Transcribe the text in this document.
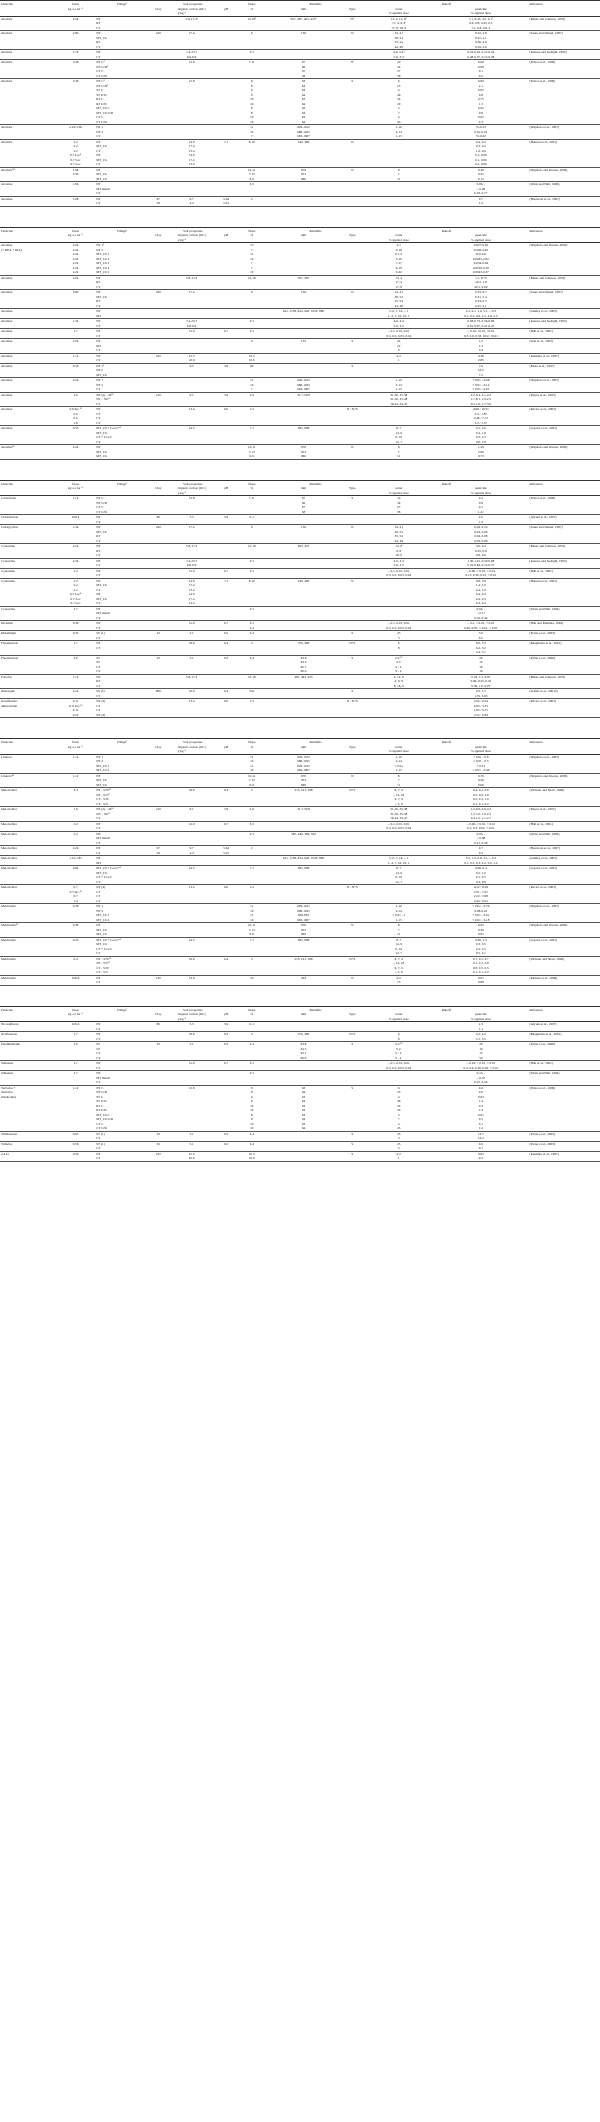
Pesticide	Dose	Tillage¹	Soil properties			Slope	Rainfalls		Runoff		Reference
	kg a.i. ha⁻¹		Clay	Organic carbon (OC)	pH	%	mm	Type	water	pesticide	
			g kg⁻¹						% applied dose	% applied dose	
Alachlor	2.24	NT		5.8-17.4³		12-18³	657, 487, 463, 425³	N⁴	13, 4, 12, 8³	7.1, 0.45, 4.5, 0.1³	(Baker and Johnson, 1979)
		RT							17, 4, 9, 8	8.0, 0.8, 0.45, 0.1	
		CT							17, 8, 18, 9	7.1, 0.8, 0.8, 4	
Alachlor	2.80	NT	220	17.4		6	136	N	34, 41	0.32, 4.8	(Sauer and Daniel, 1987)
		MT_Ch							28, 54	0.25, 2.1	
		RT							35, 54	0.36, 4.8	
		CT							44, 48	0.29, 3.0	
Alachlor	1.79	NT		7.4-23.7		3-5			4-6, 3-4³	0.22-0.24, 0.15-0.24	(Isensee and Sadeghi, 1993)
		CT		6.6-6.9					5-6, 3-5	0.48-0.57, 0.15-0.28	
Alachlor	3.36	NT C⁵		12.8		7-11	67	S⁶	19	0.06	(Felsot et al., 1990)
		NT U/D⁵					66		34	0.08	
		CT C					67		27	0.1	
		CT U/D					58		58	0.2	
Alachlor	3.36	NT C⁵		12.8		8	63	S	6	0.09	(Felsot et al., 1990)
		NT U/D⁵				8	64		23	2.1	
		ST C				9	63		4	0.05	
		ST U/D				9	64		46	0.8	
		RT C				10	63		24	0.75	
		RT U/D				10	64		29	1.3	
		MT_Ch C				8	63		3	0.02	
		MT_Ch U/D				8	64		7	0.8	
		CT C				10	63		4	0.05	
		CT U/D				10	64		43	2.3	
Alachlor	2.24-3.36	NT 1				11	629-1012		1-10	Tr-0.23	(Shipitalo et al., 1997)
		NT 2				10	686-1025		2-14	0.01-0.19	
		CT				7	663-1007		1-15	Tr-0.22	
Alachlor	2.2	NT		14.0	7.1	8-10	240, 480	N		0.4, 0.2	(Hansen et al., 2001)
	2.2	MT_Ch		17.4						0.3, 0.2	
	2.2	CT		13.4						1.0, 0.6	
	0.7 Loc⁸	NT		14.0						0.1, 0.06	
	0.7 Loc	MT_Ch		17.4						0.1, 0.06	
	0.7 Loc	CT		13.4						0.2, 0.06	
Alachlor¹⁰	1.68	NT				10-11	976	N	8	0.28	(Shipitalo and Owens, 2006)
	3.36	MT_Ch				7-13	953		7	0.41	
		MT_Ch				6-9	960		11	0.12	
Atrazine	1.96	NT				3-5				0.06, -	(Watts and Hall, 1996)
		MT mulch								-, 0.28	
		CT								0.18, 0.77	
Atrazine	1.68	NT	67	9.7	5.64	2				0.7	(Heatwole et al., 1997)
		CT	59	4.4	5.91					1.4	
Pesticide	Dose	Tillage¹	Soil properties			Slope	Rainfalls		Runoff		Reference
	kg a.i. ha⁻¹		Clay	Organic carbon (OC)	pH	%	mm	Type	water	pesticide	
			g kg⁻¹						% applied dose	% applied dose	
Atrazine	2.24	NT 1⁹				13			4-7	0.027-0.62	(Shipitalo and Owens, 2003)
(+ DEA + DIA)	2.24	NT 2				7			6-18	0.049-4.95	
	2.24	MT_Ch 1				11			0.1-2	Tr-0.011	
	2.24	MT_Ch 2				10			3-16	0.0045-2.62	
	2.24	MT_Ch 3				7			7-17	0.034-0.64	
	2.24	MT_Ch 4				7			6-19	0.0010-0.59	
	2.24	MT_Ch 5				10			0-22	0.0043-0.37	
Atrazine	2.24	NT		5.8-17.4		12-18	657, 487		13, 4	1.7, 0.75	(Baker and Johnson, 1979)
		RT							17, 4	19.2, 1.8	
		CT							17, 8	20.1, 0.09	
Atrazine	2.80	NT	220	17.4		6	136	N	34, 41	0.33, 6.7	(Sauer and Daniel, 1987)
		MT_Ch							28, 54	0.31, 5.4	
		RT							35, 54	0.34, 6.7	
		CT							44, 48	0.25, 4.1	
Atrazine		NT					941, 1158, 824, 926, 1029, 860		5, 6, 7, 16, -, 1	2.5, 0.1, 1.0, 5.1, -, 0.3	(Ghidey et al., 2005)
		MT							1, 4, 7, 16, 16, 1	0.1, 0.3, 0.6, 1.5, 4.0, 2.3	
Atrazine	1.34	NT		7.4-23.7		3-5			4-6, 3-4	0.58-0.73, 0.56-0.69	(Isensee and Sadeghi, 1993)
		CT		6.6-6.9					5-6, 3-5	0.61-0.97, 0.21-0.47	
Atrazine	1.7	NT		12.0	6.7	3-5			-, 0.1, 0.01, 0.01	-, 0.19, <0.01, <0.01	(Hall et al., 1991)
		CT							0.3, 0.3, 0.03, 0.04	0.3, 0.6, 0.33, 0.02, <0.01	
Atrazine	2.24	NT				9	132	S	22	1.2	(Seta et al., 1993)
		MT							22	1.3	
		CT							9	3.4	
Atrazine	1.12	NT	232	21.5		10.3			0.2	0.28	(Kenimer et al., 1987)
		CT		10.6		10.6			1	2.85	
Atrazine	0.56	NT 1¹		9.5	4.9	80		S		7.9	(Basta et al., 1997)
		NT 2								10.5	
		MT_Ch								7.5	
Atrazine	2.24	NT 1				11	629-1012		1-10	< 0.01 - 0.08	(Shipitalo et al., 1997)
		NT 2				10	686-1025		2-14	< 0.01 - 0.14	
		CT				7	663-1007		1-15	< 0.01 - 0.07	
Atrazine	1.6	NT (2) – M¹¹	210	9.1	5.9	2-6	31.7-50.8		31-50, 35-38	2.2-9.4, 2.1-4.5	(Myers et al., 1995)
		NT – Sil.¹²							31-36, 35-48	1.7-8.1, 1.9-2.5	
		CT							16-24, 34-47	0.5-1.6, 1.7-3.0	
Atrazine	0.9 Inc.¹³	NT		13.4	6.0	1-2		N / N+S		4.99 / 10.51	(Rector et al., 2003)
	0.9	CT								2.4 / 1.87	
	0.9	CT								2.46 / 7.72	
	1.8	CT								3.2 / 1.57	
Atrazine	0.55	MT_Ch + Cov.C¹⁴		14.5		< 1	995, 688		8, 7	0.1, 1.6	(Gaynor et al., 2001)
		MT_Ch							14, 9	0.4, 1.8	
		CT + Cov.C							6, 10	0.2, 2.3	
		CT							12, 7	0.6, 1.8	
Atrazine¹⁰	2.24	NT				10-11	976	N	8	1.29	(Shipitalo and Owens, 2006)
		MT_Ch				7-13	953		7	2.66	
		MT_Ch				6-9	960		11	0.73	
Pesticide	Dose	Tillage¹	Soil properties			Slope	Rainfalls		Runoff		Reference
	kg a.i. ha⁻¹		Clay	Organic carbon (OC)	pH	%	mm	Type	water	pesticide	
			g kg⁻¹						% applied dose	% applied dose	
Carbofuran	1.12	NT C		12.8		7-11	67	S	19	0.2	(Felsot et al., 1990)
		NT U/D					66		34	0.8	
		CT C					67		27	0.1	
		CT U/D					58		58	1.21	
Chlorimuron	0.014	NT	80	5.3	5.9	0-1				2.0	(Afyuni et al., 1997)
		CT								1.3	
Chlorpyrifos	1.34	NT	220	17.4		6	136	N	34, 41	0.04, 0.10	(Sauer and Daniel, 1987)
		MT_Ch							28, 54	0.04, 0.06	
		RT							35, 54	0.04, 0.08	
		CT							44, 48	0.03, 0.06	
Cyanazine	2.24	NT		5.8-17.4		12-18	463, 425		12, 8	3.0, 0.4	(Baker and Johnson, 1979)
		RT							9, 8	0.45, 0.8	
		CT							18, 9	0.8, 4.6	
Cyanazine	2.24	NT		7.4-23.7		3-5			4-6, 3-4	1.30-1.91, 0.50-0.68	(Isensee and Sadeghi, 1993)
		CT		6.6-6.9					5-6, 3-5	0.52-0.84, 0.15-0.27	
Cyanazine	2.2	NT		12.0	6.7	3-5			-, 0.1, 0.01, 0.01	-, 0.06, < 0.01, < 0.01	(Hall et al., 1991)
		CT							0.3, 0.3, 0.03, 0.04	0.13, 0.30, 0.01, < 0.01	
Cyanazine	2.2	NT		14.0	7.1	8-10	240, 480	N		0.8, 3.8	(Hansen et al., 2001)
	2.2	MT_Ch		17.4						1.4, 1.0	
	2.2	CT		13.4						4.4, 1.0	
	0.7 Loc⁸	NT		14.0						0.4, 0.3	
	0.7 Loc	MT_Ch		17.4						0.4, 0.3	
	0.7 Loc	CT		13.4						0.3, 0.3	
Cyanazine	1.7	NT				3-5				0.02, -	(Watts and Hall, 1996)
		MT mulch								-, 0.17	
		CT								0.19, 0.44	
Dicamba	0.56	NT		12.0	6.7	3-5			-, 0.1, 0.01, 0.01	-, 0.1, < 0.01, < 0.01	(Hall and Mumma, 1994)
		CT				3-4			0.3, 0.3, 0.03, 0.04	0.46, 0.81, < 0.01, < 0.01	
Dimethipin	0.35	ST (1)	32	5.1	6.5	3-4		S	23	3.0	(Potter et al., 2003)
		CT							3	0.5	
Fluometuron	1.7	NT		18.6	6.4	3	376, 480	N+S	6	8.0, 5.3	(Baughman et al., 2001)
		CT							8	6.2, 3.2	
										4.4, 3.1	
Fluometuron	2.0	ST	32	5.1	6.5	3-4	63.8	S	S-C¹⁵	26	(Potter et al., 2006)
		ST					64.3		S-C	15	
		CT					62.7		S - L	16	
		CT					60.0		S - L	10	
Fonofos	1.12	NT		5.8-17.4		12-18	487, 463, 425		4, 12, 8	0.18, 1.5, 0.05	(Baker and Johnson, 1979)
		RT							4, 9, 8	0.06, 0.25, 0.32	
		CT							8, 18, 9	0.36, 1.0, 0.07	
Imazaquin	0.14	SS (3)	660	16.9	6.4	NA		S		0.2, 1.5	(Seifert et al., 2001b)
		CT								1.55, 3.63	
Isoxaflutole/	0.11	NT (4)		13.4	6.0	1-2		N / N+S		2.92 / 9.24	(Rector et al., 2003)
diketonitrile	0.11 Inc.¹³	CT								0.93 / 3.35	
	0.11	CT								1.63 / 6.75	
	0.22	NT (4)								2.55 / 6.84	
Pesticide	Dose	Tillage¹	Soil properties			Slope	Rainfalls		Runoff		Reference
	kg a.i. ha⁻¹		Clay	Organic carbon (OC)	pH	%	mm	Type	water	pesticide	
			g kg⁻¹						% applied dose	% applied dose	
Linuron	1.12	NT 1				11	629-1012		1-10	< 0.01 - 0.8	(Shipitalo et al., 1997)
		NT 2				10	686-1025		2-14	< 0.01 - 0.5	
		MT_Ch 1				11	629-1012		< 0.01	< 0.01	
		MT_Ch 2				10	663-1007		1-15	< 0.01 - 0.46	
Linuron¹⁰	1.12	NT				10-11	976	N	8	0.70	(Shipitalo and Owens, 2006)
		MT_Ch				7-13	953		7	0.40	
		MT_Ch				6-9	960		11	0.06	
Metolachlor	3.4	NT - S/W¹⁶		18.6	6.4	3	213, 191, 188	N+S	8, 7, 9	0.4, 0.2, 0.6	(Webster and Shaw, 1996)
		NT - S/S¹⁷							-, 14, 18	0.2, 0.6, 2.8	
		CT - S/W							9, 7, 9	0.5, 0.3, 1.0	
		CT - S/S							-, 5, 9	0.1, 0.1, 0.2	
Metolachlor	1.9	NT (2) – M¹¹	210	9.1	5.9	2-6	31.7-50.8		31-50, 35-38	1.2-9.0, 0.9-4.3	(Myers et al., 1995)
		NT – Sil.¹²							31-36, 35-48	1.3-7.0, 1.0-2.5	
		CT							16-24, 34-47	0.4-1.5, 1.1-2.7	
Metolachlor	2.2	NT		12.0	6.7	3-5			-, 0.1, 0.01, 0.01	-, 0.06, < 0.01, < 0.01	(Hall et al., 1991)
		CT							0.3, 0.3, 0.03, 0.04	0.1, 0.3, 0.02, < 0.01	
Metolachlor	2.2	NT				3-5	585, 446, 366, 562			0.03, -	(Watts and Hall, 1996)
		MT mulch								-, 0.08	
		CT								0.21, 0.58	
Metolachlor	2.24	NT	67	9.7	5.64	2				0.7	(Heatwole et al., 1997)
		CT	59	4.4	5.91					0.3	
Metolachlor	1.12-1.87	NT					941, 1158, 824, 926, 1029, 860		5, 6, 7, 16, -, 1	5.5, 1.0, 0.9, 2.1, -, 0.3	(Ghidey et al., 2005)
		MT							1, 4, 7, 16, 16, 1	0.1, 0.5, 0.3, 2.2, 3.0, 1.2	
Metolachlor	0.84	MT_Ch + Cov.C¹⁴		14.5		< 1	995, 688		8, 7	0.06, 0.4	(Gaynor et al., 2001)
		MT_Ch							14, 9	0.2, 1.0	
		CT + Cov.C							6, 10	0.1, 0.5	
		CT							12, 7	0.3, 0.9	
Metolachlor	0.7	NT (4)		13.4	6.0	1-2		N / N+S		4.22 / 8.28	(Rector et al., 2003)
	0.7 Inc.¹³	CT								2.01 / 1.97	
	0.7	CT								2.22 / 3.98	
	1.4	CT								2.44 / 0.01	
Metribuzin	0.38	NT 1				11	629-1012		1-10	< 0.01 - 0.79	(Shipitalo et al., 1997)
		NT 2				10	686-1025		2-14	0.08-0.22	
		MT_Ch 1				11	609-981		< 0.01 - 1	< 0.01 - 0.01	
		MT_Ch 2				10	663-1007		1-15	< 0.01 - 0.18	
Metribuzin¹⁰	0.38	NT				10-11	976	N	8	0.63	(Shipitalo and Owens, 2006)
		MT_Ch				7-13	953		7	0.36	
		MT_Ch				6-9	960		11	0.05	
Metribuzin	0.25	MT_Ch + Cov.C¹⁴		14.5		< 1	995, 688		8, 7	0.06, 1.3	(Gaynor et al., 2001)
		MT_Ch							14, 9	0.3, 3.5	
		CT + Cov.C							6, 10	0.2, 2.5	
		CT							12, 7	0.5, 2.1	
Metribuzin	0.4	NT - S/W¹⁶		18.6	6.4	3	213, 191, 188	N+S	8, 7, 9	0.7, 0.5, 0.7	(Webster and Shaw, 1996)
		NT - S/S¹⁷							-, 14, 18	0.1, 0.1, 3.8	
		CT - S/W							9, 7, 9	0.8, 0.5, 0.5	
		CT - S/S							-, 5, 9	0.1, 0.1, 0.2	
Metribuzin	0.616	NT	120	13.0		10	294	N	0.2	0.01	(Malone et al., 1996)
		CT							15	0.88	
Pesticide	Dose	Tillage¹	Soil properties			Slope	Rainfalls		Runoff		Reference
	kg a.i. ha⁻¹		Clay	Organic carbon (OC)	pH	%	mm	Type	water	pesticide	
			g kg⁻¹						% applied dose	% applied dose	
Nicosulfuron	0.014	NT	80	5.3	5.9	0-1				2.3	(Afyuni et al., 1997)
		CT								1.1	
Norflurazon	1.7	NT		18.6	6.4	3	376, 480	N+S	6	4.2, 4.2	(Baughman et al., 2001)
		CT							8	5.1, 3.5	
Pendimethalin	1.0	ST	32	5.1	6.5	3-4	63.8	S	S-C¹⁵	26	(Potter et al., 2006)
		ST					64.3		S-C	16	
		CT					62.7		S - L	15	
		CT					60.0		S - L	50	
Simazine	1.7	NT		12.0	6.7	3-5			-, 0.1, 0.01, 0.01	-, 0.18, < 0.01, < 0.01	(Hall et al., 1991)
		CT							0.3, 0.3, 0.03, 0.04	0.3, 0.6, 0.30, 0.02, < 0.01	
Simazine	1.7	NT				3-5				0.10, -	(Watts and Hall, 1996)
		MT mulch								-, 0.07	
		CT								0.25, 0.56	
Terbufos +	1.12	NT C		12.8		8	63	S	6	0.4	(Felsot et al., 1990)
Terbufos		NT U/D				8	64		23	0.6	
metabolites		ST C				9	63		4	0.03	
		ST U/D				9	64		46	1.4	
		RT C				10	63		24	0.3	
		RT U/D				10	64		29	1.4	
		MT_Ch C				8	63		3	0.01	
		MT_Ch U/D				8	64		7	0.5	
		CT C				10	63		4	0.1	
		CT U/D				10	64		43	1.4	
Thidiazuron	0.05	ST (1)	32	5.1	6.5	3-4		S	23	13.7	(Potter et al., 2003)
		CT							3	12.2	
Tribufos	0.56	ST (1)	32	5.1	6.5	3-4		S	23	0.6	(Potter et al., 2003)
		CT							3	0.1	
2,4-D	0.56	NT	232	21.5		10.3		S	0.2	0.02	(Kenimer et al., 1987)
		CT		10.6		10.6			1	0.2	
